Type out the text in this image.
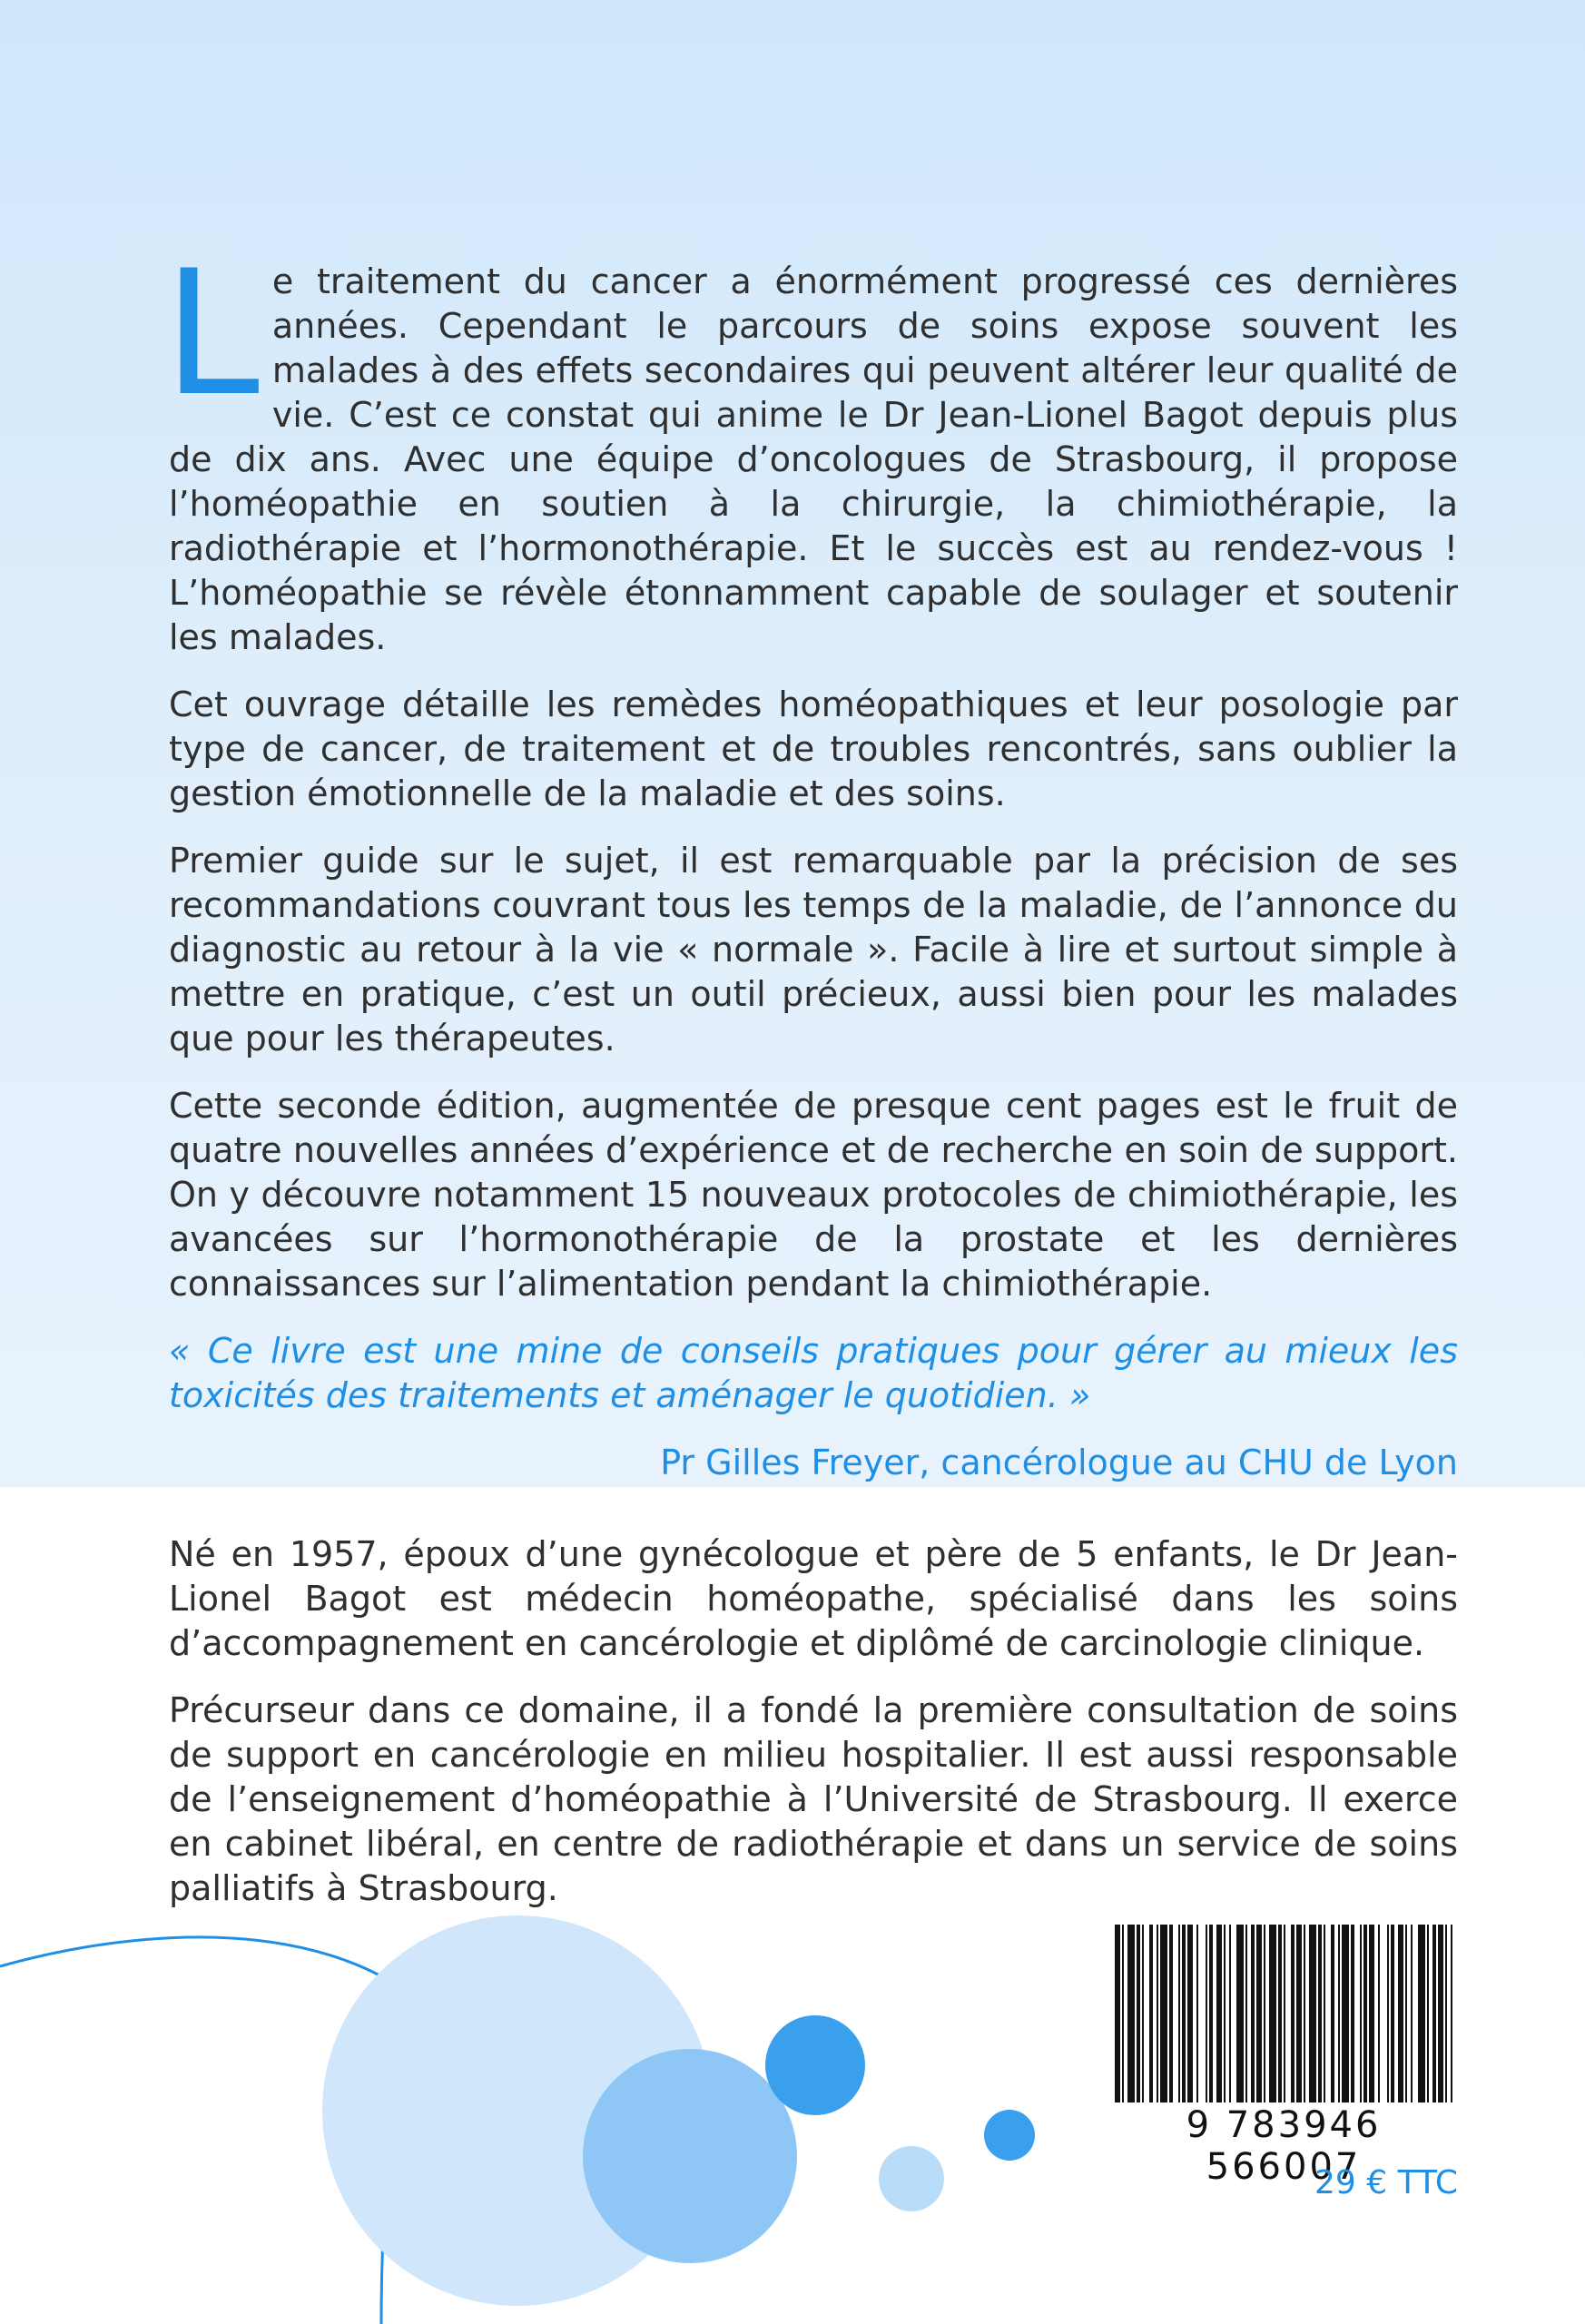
Le traitement du cancer a énormément progressé ces dernières années. Cependant le parcours de soins expose souvent les malades à des effets secondaires qui peuvent altérer leur qualité de vie. C’est ce constat qui anime le Dr Jean-Lionel Bagot depuis plus de dix ans. Avec une équipe d’oncologues de Strasbourg, il propose l’homéopathie en soutien à la chirurgie, la chimiothérapie, la radiothérapie et l’hormonothérapie. Et le succès est au rendez-vous ! L’homéopathie se révèle étonnamment capable de soulager et soutenir les malades.

Cet ouvrage détaille les remèdes homéopathiques et leur posologie par type de cancer, de traitement et de troubles rencontrés, sans oublier la gestion émotionnelle de la maladie et des soins.

Premier guide sur le sujet, il est remarquable par la précision de ses recommandations couvrant tous les temps de la maladie, de l’annonce du diagnostic au retour à la vie « normale ». Facile à lire et surtout simple à mettre en pratique, c’est un outil précieux, aussi bien pour les malades que pour les thérapeutes.

Cette seconde édition, augmentée de presque cent pages est le fruit de quatre nouvelles années d’expérience et de recherche en soin de support. On y découvre notamment 15 nouveaux protocoles de chimiothérapie, les avancées sur l’hormonothérapie de la prostate et les dernières connaissances sur l’alimentation pendant la chimiothérapie.

« Ce livre est une mine de conseils pratiques pour gérer au mieux les toxicités des traitements et aménager le quotidien. »

Pr Gilles Freyer, cancérologue au CHU de Lyon

Né en 1957, époux d’une gynécologue et père de 5 enfants, le Dr Jean-Lionel Bagot est médecin homéopathe, spécialisé dans les soins d’accompagnement en cancérologie et diplômé de carcinologie clinique.

Précurseur dans ce domaine, il a fondé la première consultation de soins de support en cancérologie en milieu hospitalier. Il est aussi responsable de l’enseignement d’homéopathie à l’Université de Strasbourg. Il exerce en cabinet libéral, en centre de radiothérapie et dans un service de soins palliatifs à Strasbourg.

9 783946 566007
29 € TTC
